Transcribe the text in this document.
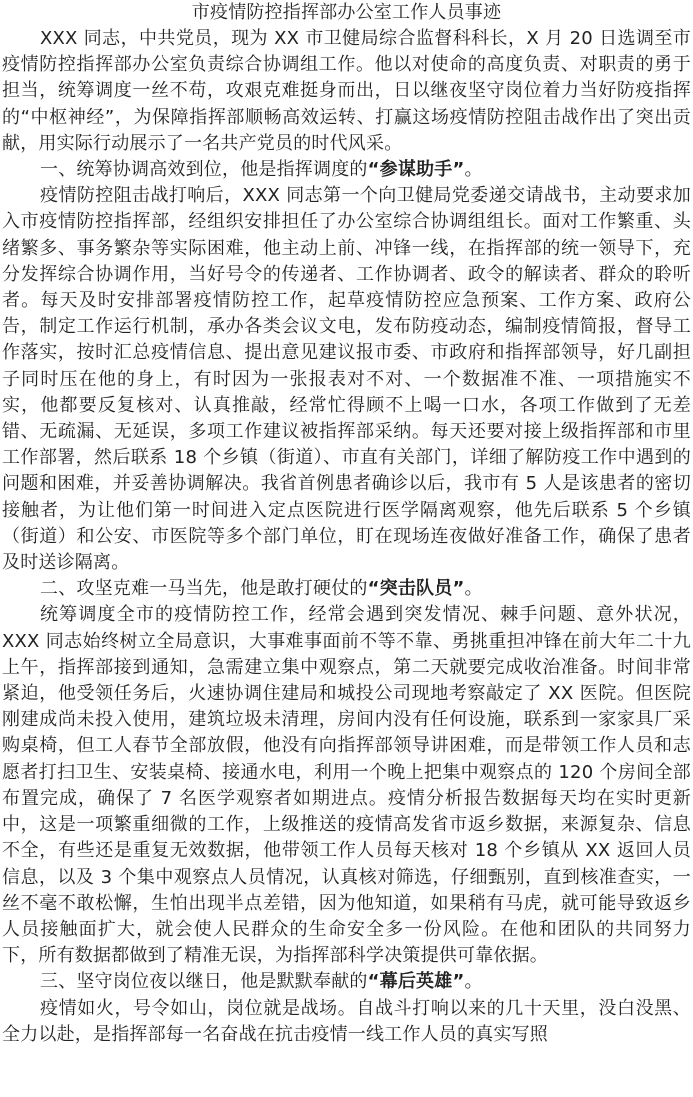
市疫情防控指挥部办公室工作人员事迹

XXX 同志，中共党员，现为 XX 市卫健局综合监督科科长，X 月 20 日选调至市疫情防控指挥部办公室负责综合协调组工作。他以对使命的高度负责、对职责的勇于担当，统筹调度一丝不苟，攻艰克难挺身而出，日以继夜坚守岗位着力当好防疫指挥的“中枢神经”，为保障指挥部顺畅高效运转、打赢这场疫情防控阻击战作出了突出贡献，用实际行动展示了一名共产党员的时代风采。

一、统筹协调高效到位，他是指挥调度的“参谋助手”。

疫情防控阻击战打响后，XXX 同志第一个向卫健局党委递交请战书，主动要求加入市疫情防控指挥部，经组织安排担任了办公室综合协调组组长。面对工作繁重、头绪繁多、事务繁杂等实际困难，他主动上前、冲锋一线，在指挥部的统一领导下，充分发挥综合协调作用，当好号令的传递者、工作协调者、政令的解读者、群众的聆听者。每天及时安排部署疫情防控工作，起草疫情防控应急预案、工作方案、政府公告，制定工作运行机制，承办各类会议文电，发布防疫动态，编制疫情简报，督导工作落实，按时汇总疫情信息、提出意见建议报市委、市政府和指挥部领导，好几副担子同时压在他的身上，有时因为一张报表对不对、一个数据准不准、一项措施实不实，他都要反复核对、认真推敲，经常忙得顾不上喝一口水，各项工作做到了无差错、无疏漏、无延误，多项工作建议被指挥部采纳。每天还要对接上级指挥部和市里工作部署，然后联系 18 个乡镇（街道）、市直有关部门，详细了解防疫工作中遇到的问题和困难，并妥善协调解决。我省首例患者确诊以后，我市有 5 人是该患者的密切接触者，为让他们第一时间进入定点医院进行医学隔离观察，他先后联系 5 个乡镇（街道）和公安、市医院等多个部门单位，盯在现场连夜做好准备工作，确保了患者及时送诊隔离。

二、攻坚克难一马当先，他是敢打硬仗的“突击队员”。

统筹调度全市的疫情防控工作，经常会遇到突发情况、棘手问题、意外状况，XXX 同志始终树立全局意识，大事难事面前不等不靠、勇挑重担冲锋在前大年二十九上午，指挥部接到通知，急需建立集中观察点，第二天就要完成收治准备。时间非常紧迫，他受领任务后，火速协调住建局和城投公司现地考察敲定了 XX 医院。但医院刚建成尚未投入使用，建筑垃圾未清理，房间内没有任何设施，联系到一家家具厂采购桌椅，但工人春节全部放假，他没有向指挥部领导讲困难，而是带领工作人员和志愿者打扫卫生、安装桌椅、接通水电，利用一个晚上把集中观察点的 120 个房间全部布置完成，确保了 7 名医学观察者如期进点。疫情分析报告数据每天均在实时更新中，这是一项繁重细微的工作，上级推送的疫情高发省市返乡数据，来源复杂、信息不全，有些还是重复无效数据，他带领工作人员每天核对 18 个乡镇从 XX 返回人员信息，以及 3 个集中观察点人员情况，认真核对筛选，仔细甄别，直到核准查实，一丝不毫不敢松懈，生怕出现半点差错，因为他知道，如果稍有马虎，就可能导致返乡人员接触面扩大，就会使人民群众的生命安全多一份风险。在他和团队的共同努力下，所有数据都做到了精准无误，为指挥部科学决策提供可靠依据。

三、坚守岗位夜以继日，他是默默奉献的“幕后英雄”。

疫情如火，号令如山，岗位就是战场。自战斗打响以来的几十天里，没白没黑、全力以赴，是指挥部每一名奋战在抗击疫情一线工作人员的真实写照
